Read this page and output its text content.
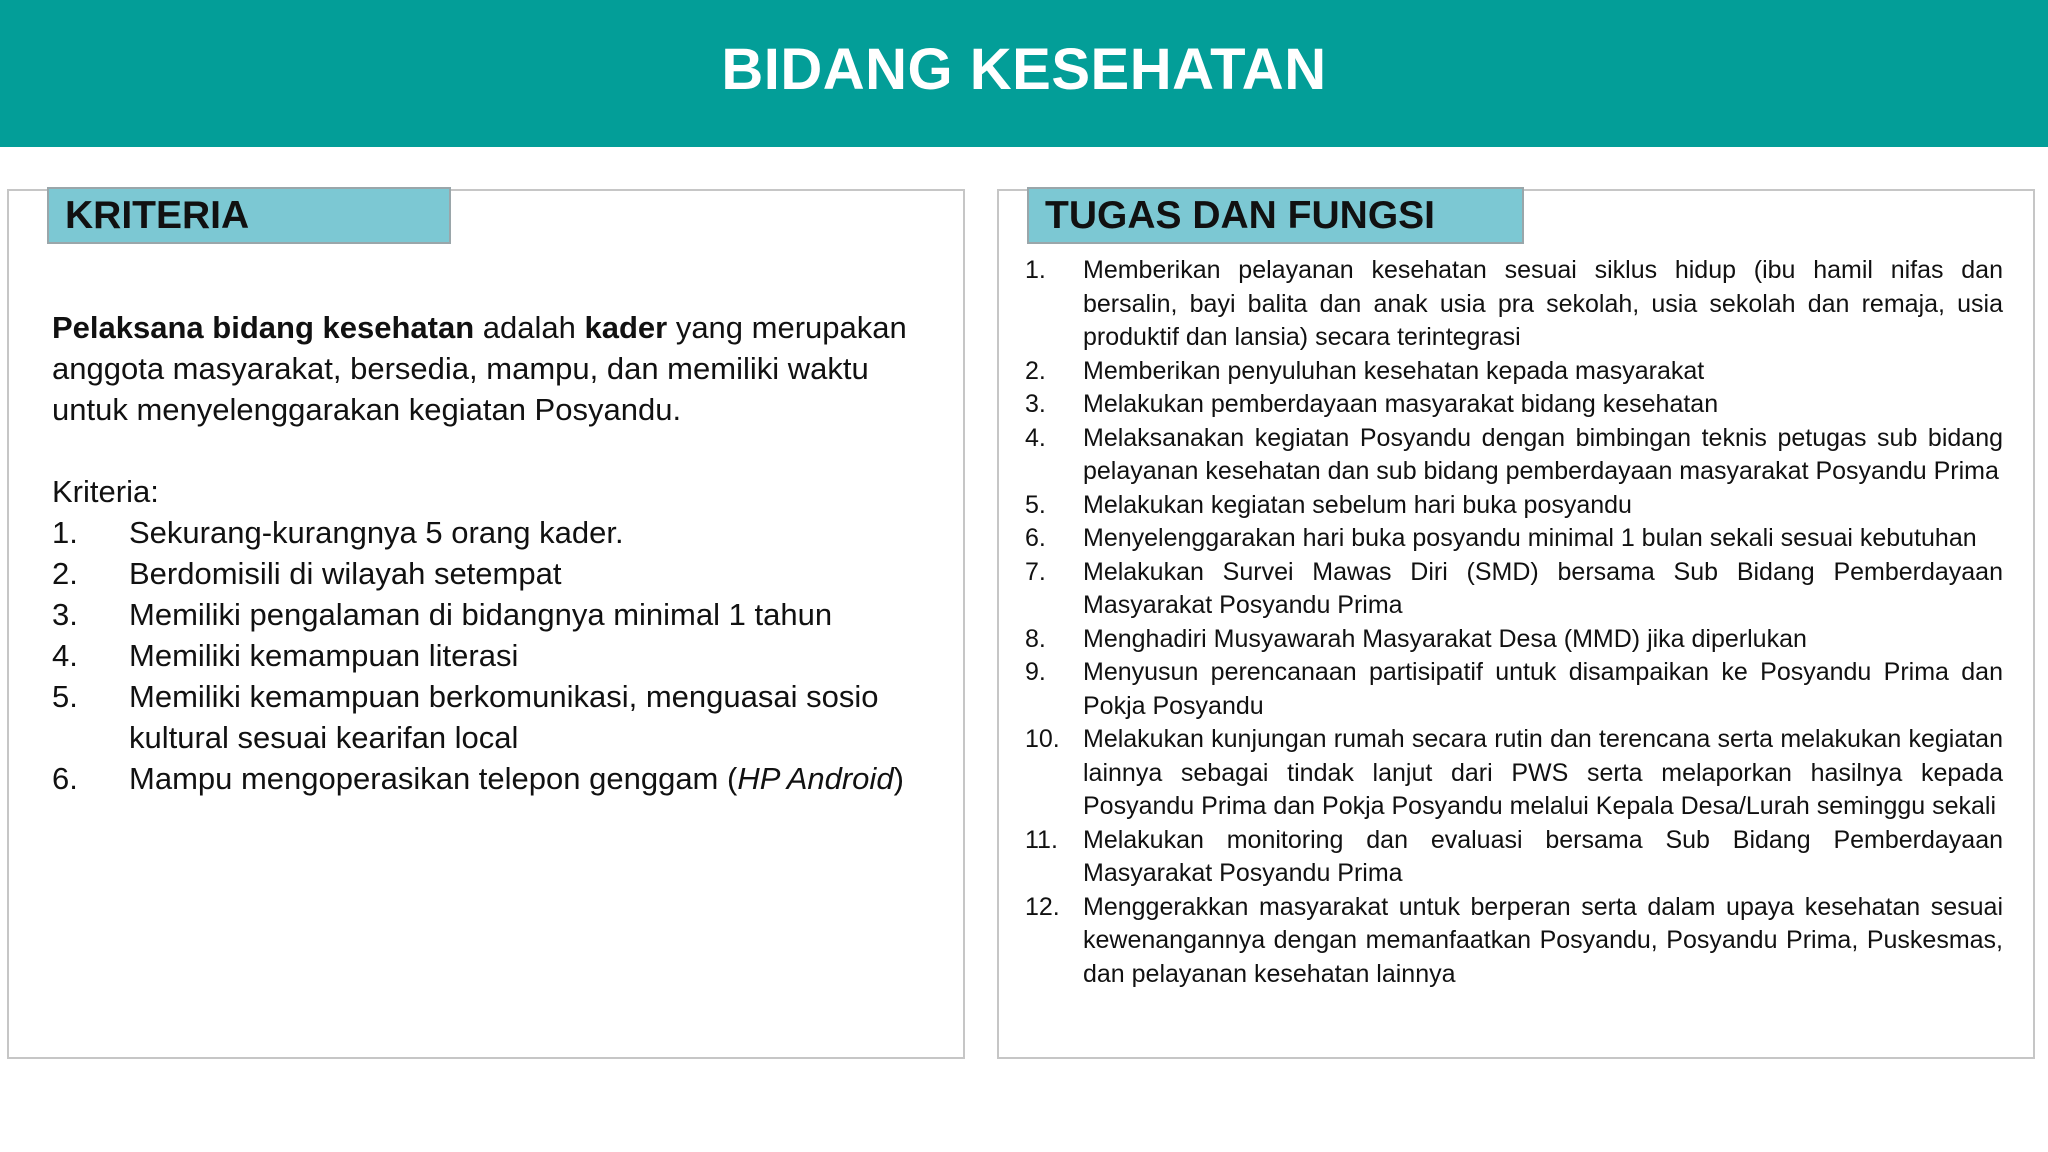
BIDANG KESEHATAN
KRITERIA

Pelaksana bidang kesehatan adalah kader yang merupakan anggota masyarakat, bersedia, mampu, dan memiliki waktu untuk menyelenggarakan kegiatan Posyandu.

Kriteria:

1. Sekurang-kurangnya 5 orang kader.
2. Berdomisili di wilayah setempat
3. Memiliki pengalaman di bidangnya minimal 1 tahun
4. Memiliki kemampuan literasi
5. Memiliki kemampuan berkomunikasi, menguasai sosio kultural sesuai kearifan local
6. Mampu mengoperasikan telepon genggam (HP Android)
TUGAS DAN FUNGSI
1. Memberikan pelayanan kesehatan sesuai siklus hidup (ibu hamil nifas dan bersalin, bayi balita dan anak usia pra sekolah, usia sekolah dan remaja, usia produktif dan lansia) secara terintegrasi
2. Memberikan penyuluhan kesehatan kepada masyarakat
3. Melakukan pemberdayaan masyarakat bidang kesehatan
4. Melaksanakan kegiatan Posyandu dengan bimbingan teknis petugas sub bidang pelayanan kesehatan dan sub bidang pemberdayaan masyarakat Posyandu Prima
5. Melakukan kegiatan sebelum hari buka posyandu
6. Menyelenggarakan hari buka posyandu minimal 1 bulan sekali sesuai kebutuhan
7. Melakukan Survei Mawas Diri (SMD) bersama Sub Bidang Pemberdayaan Masyarakat Posyandu Prima
8. Menghadiri Musyawarah Masyarakat Desa (MMD) jika diperlukan
9. Menyusun perencanaan partisipatif untuk disampaikan ke Posyandu Prima dan Pokja Posyandu
10. Melakukan kunjungan rumah secara rutin dan terencana serta melakukan kegiatan lainnya sebagai tindak lanjut dari PWS serta melaporkan hasilnya kepada Posyandu Prima dan Pokja Posyandu melalui Kepala Desa/Lurah seminggu sekali
11. Melakukan monitoring dan evaluasi bersama Sub Bidang Pemberdayaan Masyarakat Posyandu Prima
12. Menggerakkan masyarakat untuk berperan serta dalam upaya kesehatan sesuai kewenangannya dengan memanfaatkan Posyandu, Posyandu Prima, Puskesmas, dan pelayanan kesehatan lainnya
